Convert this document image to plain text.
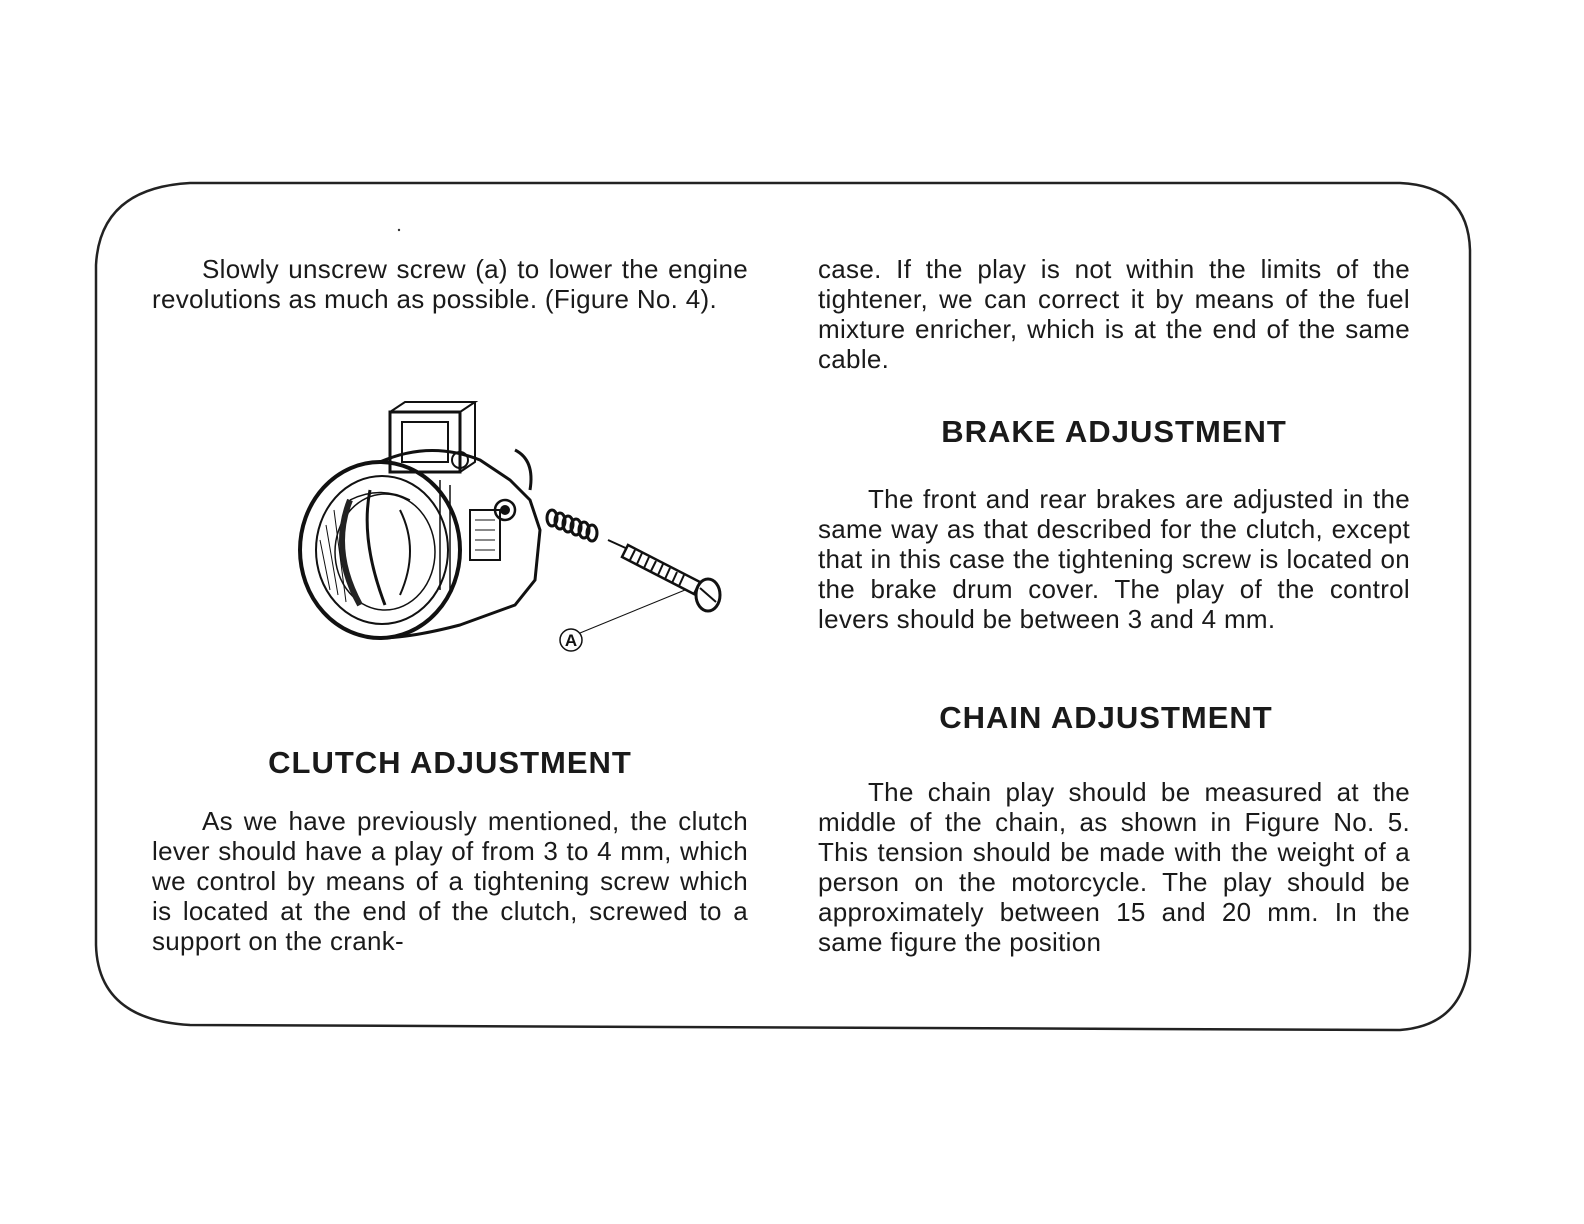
Slowly unscrew screw (a) to lower the engine revolutions as much as possible. (Figure No. 4).

A
CLUTCH ADJUSTMENT

As we have previously mentioned, the clutch lever should have a play of from 3 to 4 mm, which we control by means of a tightening screw which is located at the end of the clutch, screwed to a support on the crank-

case. If the play is not within the limits of the tightener, we can correct it by means of the fuel mixture enricher, which is at the end of the same cable.

BRAKE ADJUSTMENT

The front and rear brakes are adjusted in the same way as that described for the clutch, except that in this case the tightening screw is located on the brake drum cover. The play of the control levers should be between 3 and 4 mm.

CHAIN ADJUSTMENT

The chain play should be measured at the middle of the chain, as shown in Figure No. 5. This tension should be made with the weight of a person on the motorcycle. The play should be approximately between 15 and 20 mm. In the same figure the position
